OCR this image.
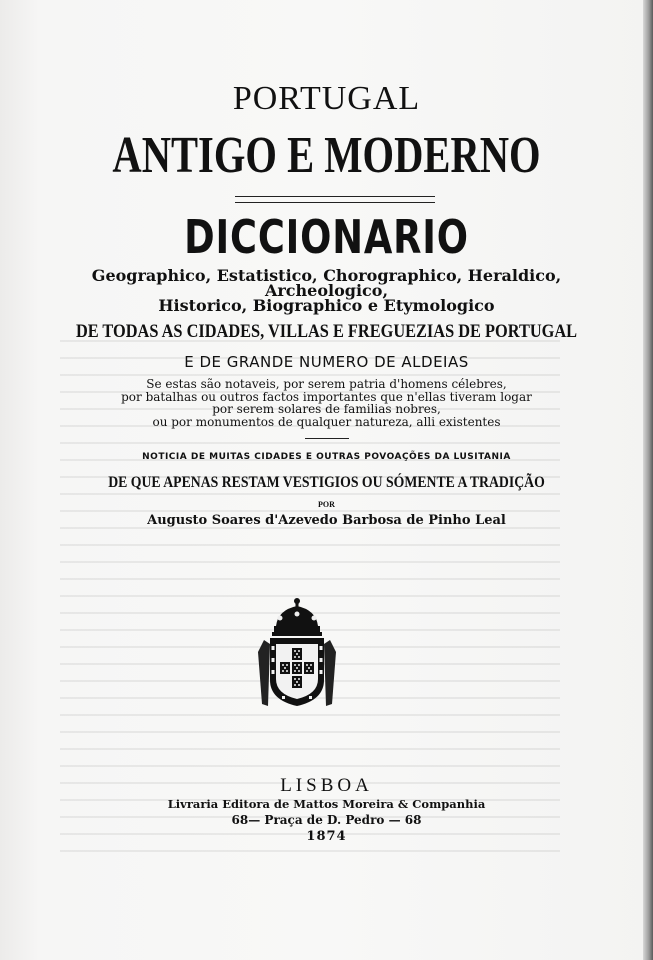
PORTUGAL
ANTIGO E MODERNO
DICCIONARIO
Geographico, Estatistico, Chorographico, Heraldico,
Archeologico,
Historico, Biographico e Etymologico
DE TODAS AS CIDADES, VILLAS E FREGUEZIAS DE PORTUGAL
E DE GRANDE NUMERO DE ALDEIAS
Se estas são notaveis, por serem patria d'homens célebres,
por batalhas ou outros factos importantes que n'ellas tiveram logar
por serem solares de familias nobres,
ou por monumentos de qualquer natureza, alli existentes
NOTICIA DE MUITAS CIDADES E OUTRAS POVOAÇÕES DA LUSITANIA
DE QUE APENAS RESTAM VESTIGIOS OU SÓMENTE A TRADIÇÃO
POR
Augusto Soares d'Azevedo Barbosa de Pinho Leal
LISBOA
Livraria Editora de Mattos Moreira & Companhia
68— Praça de D. Pedro — 68
1874
